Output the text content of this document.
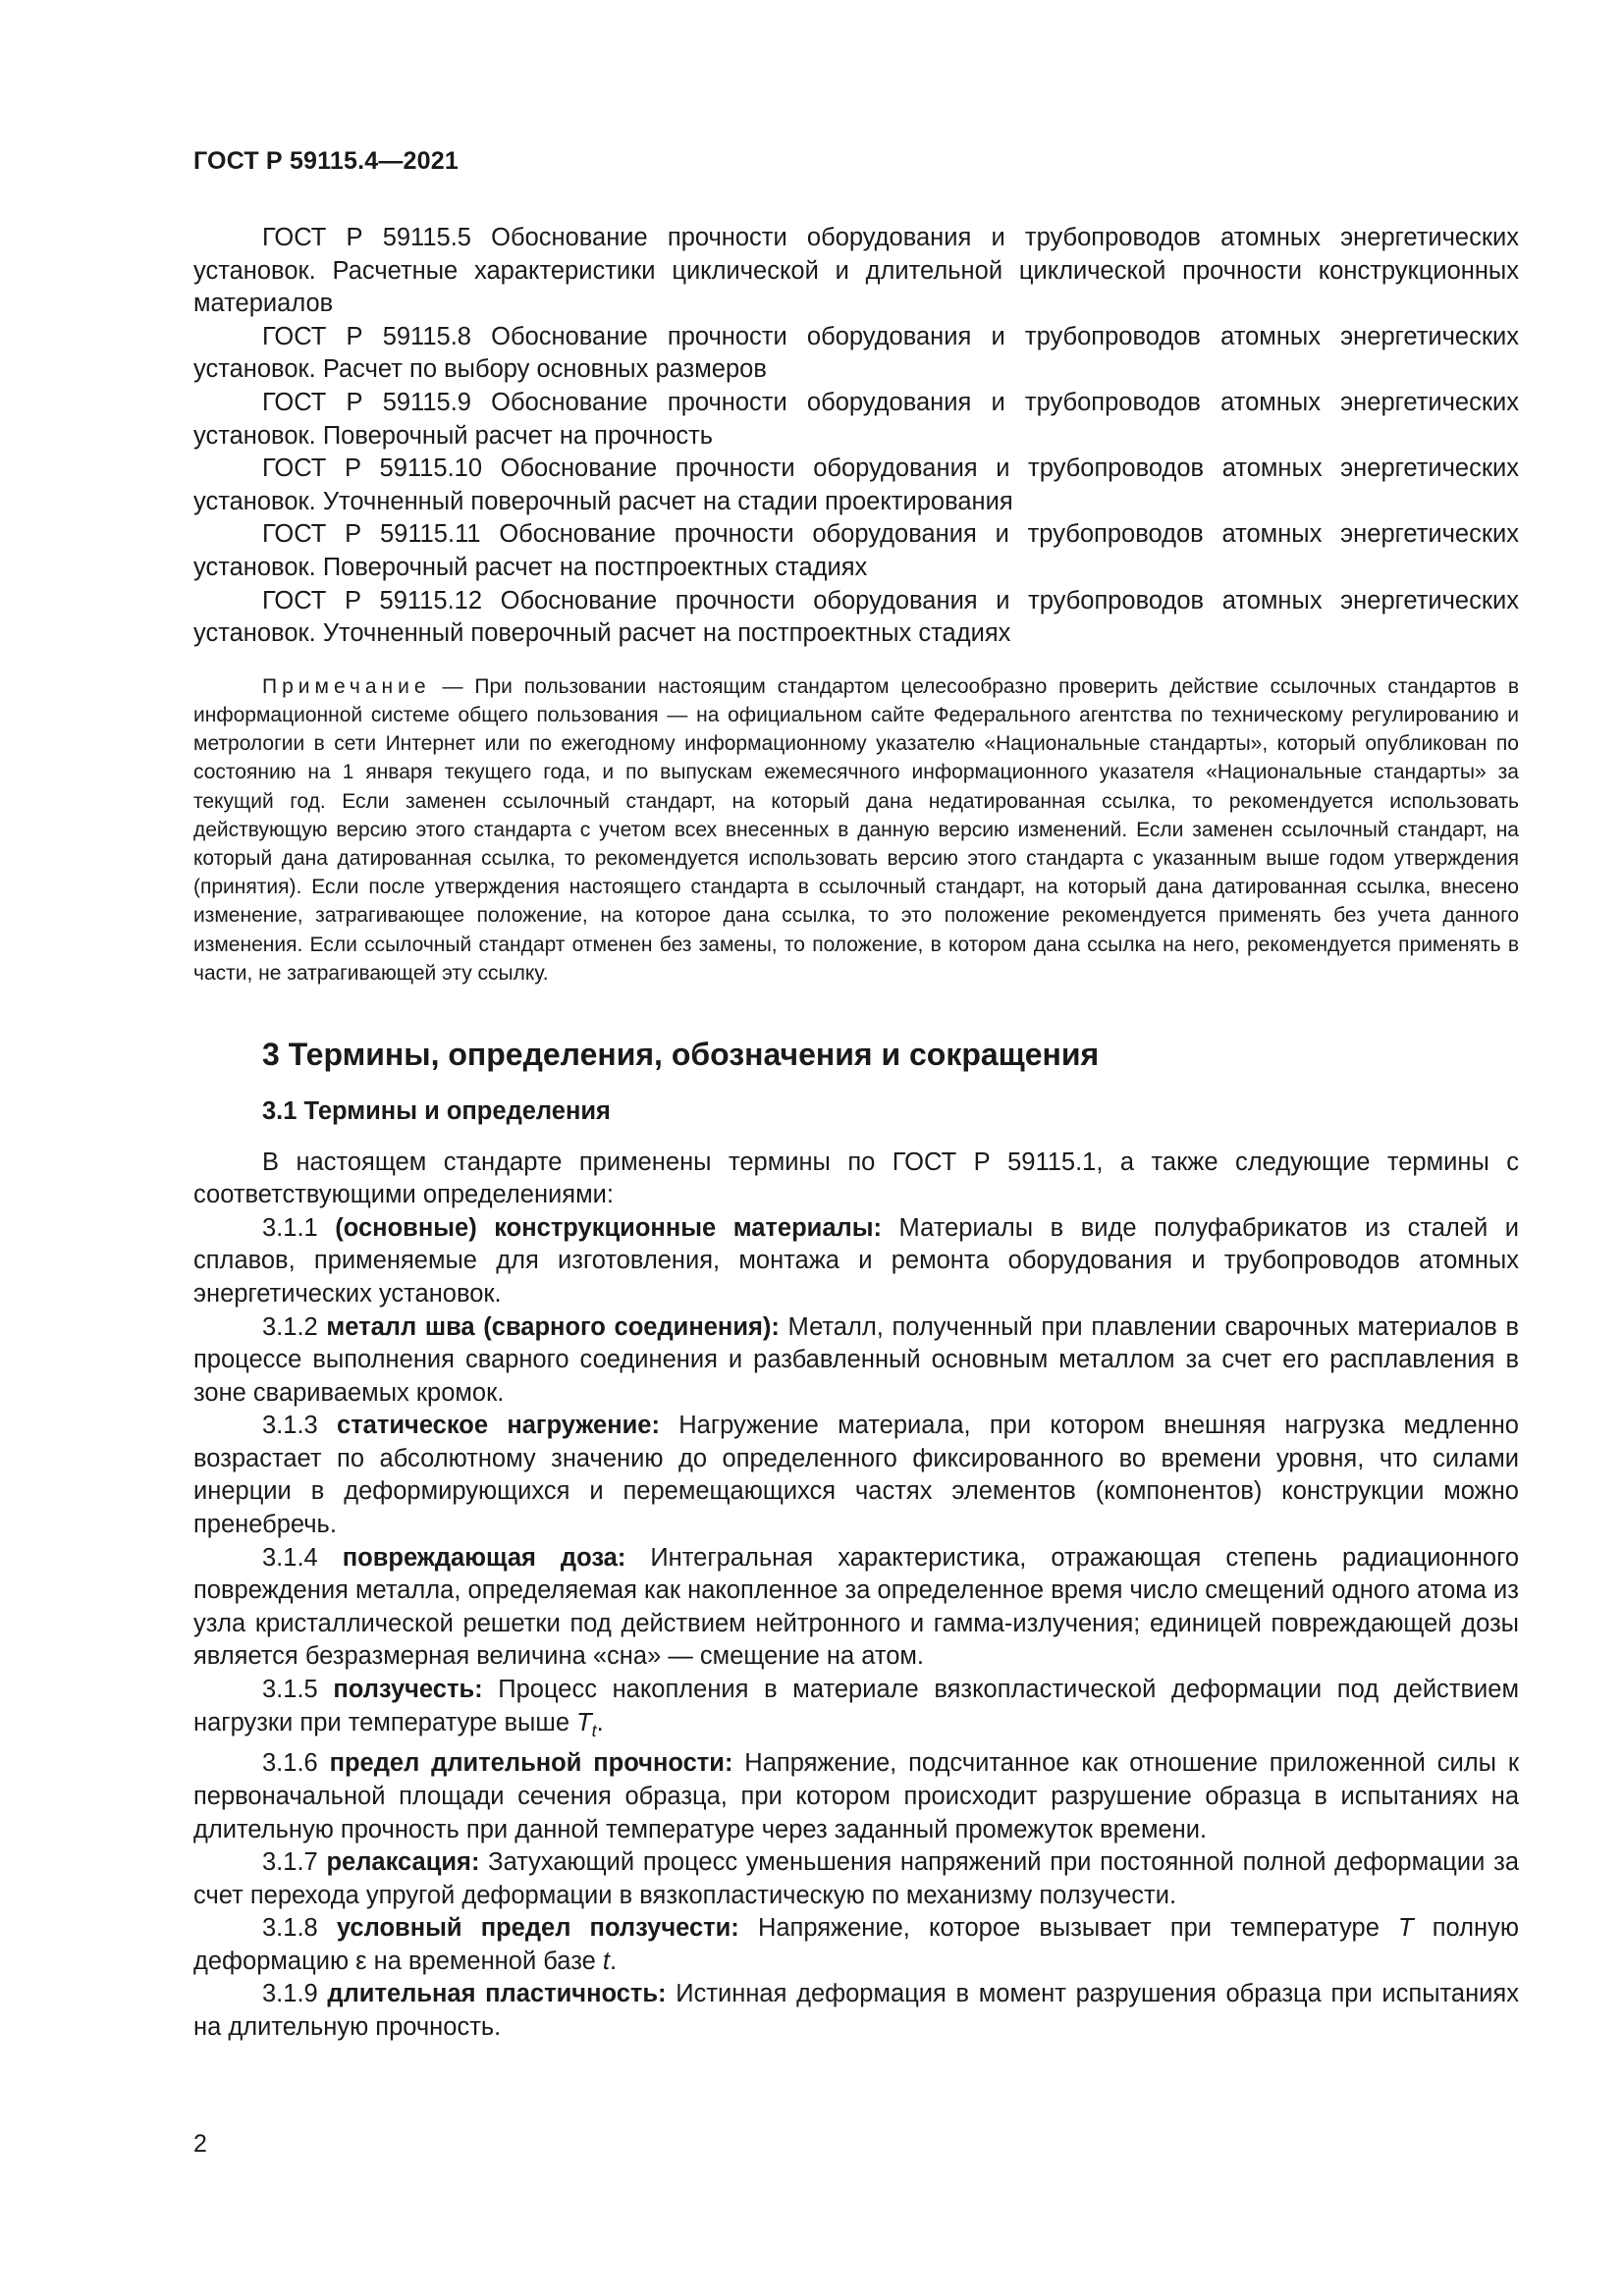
ГОСТ Р 59115.4—2021

ГОСТ Р 59115.5 Обоснование прочности оборудования и трубопроводов атомных энергетических установок. Расчетные характеристики циклической и длительной циклической прочности конструкционных материалов

ГОСТ Р 59115.8 Обоснование прочности оборудования и трубопроводов атомных энергетических установок. Расчет по выбору основных размеров

ГОСТ Р 59115.9 Обоснование прочности оборудования и трубопроводов атомных энергетических установок. Поверочный расчет на прочность

ГОСТ Р 59115.10 Обоснование прочности оборудования и трубопроводов атомных энергетических установок. Уточненный поверочный расчет на стадии проектирования

ГОСТ Р 59115.11 Обоснование прочности оборудования и трубопроводов атомных энергетических установок. Поверочный расчет на постпроектных стадиях

ГОСТ Р 59115.12 Обоснование прочности оборудования и трубопроводов атомных энергетических установок. Уточненный поверочный расчет на постпроектных стадиях

Примечание — При пользовании настоящим стандартом целесообразно проверить действие ссылочных стандартов в информационной системе общего пользования — на официальном сайте Федерального агентства по техническому регулированию и метрологии в сети Интернет или по ежегодному информационному указателю «Национальные стандарты», который опубликован по состоянию на 1 января текущего года, и по выпускам ежемесячного информационного указателя «Национальные стандарты» за текущий год. Если заменен ссылочный стандарт, на который дана недатированная ссылка, то рекомендуется использовать действующую версию этого стандарта с учетом всех внесенных в данную версию изменений. Если заменен ссылочный стандарт, на который дана датированная ссылка, то рекомендуется использовать версию этого стандарта с указанным выше годом утверждения (принятия). Если после утверждения настоящего стандарта в ссылочный стандарт, на который дана датированная ссылка, внесено изменение, затрагивающее положение, на которое дана ссылка, то это положение рекомендуется применять без учета данного изменения. Если ссылочный стандарт отменен без замены, то положение, в котором дана ссылка на него, рекомендуется применять в части, не затрагивающей эту ссылку.

3 Термины, определения, обозначения и сокращения
3.1 Термины и определения

В настоящем стандарте применены термины по ГОСТ Р 59115.1, а также следующие термины с соответствующими определениями:

3.1.1 (основные) конструкционные материалы: Материалы в виде полуфабрикатов из сталей и сплавов, применяемые для изготовления, монтажа и ремонта оборудования и трубопроводов атомных энергетических установок.

3.1.2 металл шва (сварного соединения): Металл, полученный при плавлении сварочных материалов в процессе выполнения сварного соединения и разбавленный основным металлом за счет его расплавления в зоне свариваемых кромок.

3.1.3 статическое нагружение: Нагружение материала, при котором внешняя нагрузка медленно возрастает по абсолютному значению до определенного фиксированного во времени уровня, что силами инерции в деформирующихся и перемещающихся частях элементов (компонентов) конструкции можно пренебречь.

3.1.4 повреждающая доза: Интегральная характеристика, отражающая степень радиационного повреждения металла, определяемая как накопленное за определенное время число смещений одного атома из узла кристаллической решетки под действием нейтронного и гамма-излучения; единицей повреждающей дозы является безразмерная величина «сна» — смещение на атом.

3.1.5 ползучесть: Процесс накопления в материале вязкопластической деформации под действием нагрузки при температуре выше $T_t$.

3.1.6 предел длительной прочности: Напряжение, подсчитанное как отношение приложенной силы к первоначальной площади сечения образца, при котором происходит разрушение образца в испытаниях на длительную прочность при данной температуре через заданный промежуток времени.

3.1.7 релаксация: Затухающий процесс уменьшения напряжений при постоянной полной деформации за счет перехода упругой деформации в вязкопластическую по механизму ползучести.

3.1.8 условный предел ползучести: Напряжение, которое вызывает при температуре T полную деформацию ε на временной базе t.

3.1.9 длительная пластичность: Истинная деформация в момент разрушения образца при испытаниях на длительную прочность.

2
